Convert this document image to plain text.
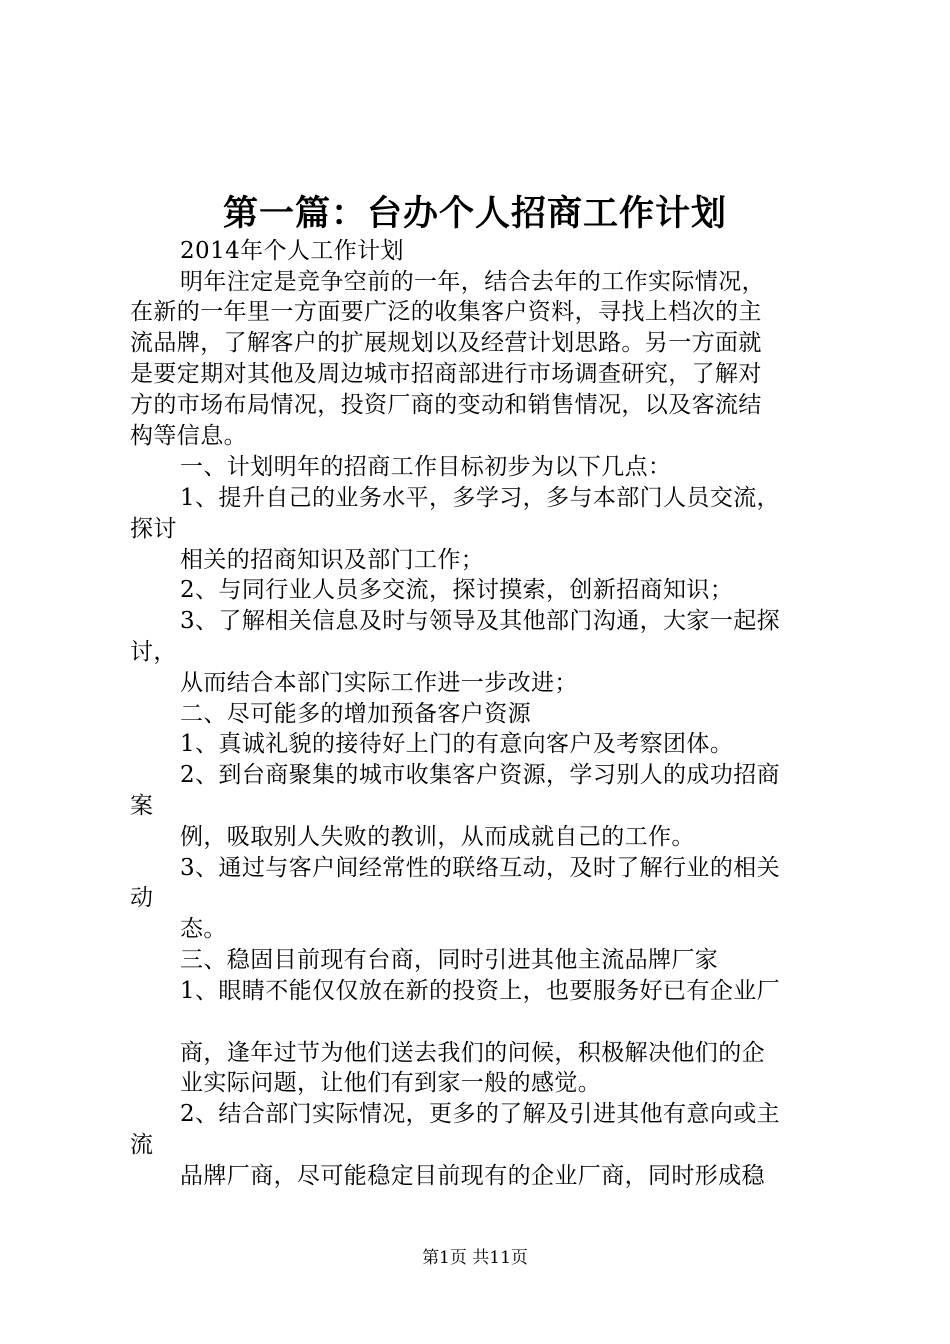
第一篇：台办个人招商工作计划
2014年个人工作计划
明年注定是竞争空前的一年，结合去年的工作实际情况，
在新的一年里一方面要广泛的收集客户资料，寻找上档次的主
流品牌，了解客户的扩展规划以及经营计划思路。另一方面就
是要定期对其他及周边城市招商部进行市场调查研究，了解对
方的市场布局情况，投资厂商的变动和销售情况，以及客流结
构等信息。
一、计划明年的招商工作目标初步为以下几点：
1、提升自己的业务水平，多学习，多与本部门人员交流，
探讨
相关的招商知识及部门工作；
2、与同行业人员多交流，探讨摸索，创新招商知识；
3、了解相关信息及时与领导及其他部门沟通，大家一起探
讨，
从而结合本部门实际工作进一步改进；
二、尽可能多的增加预备客户资源
1、真诚礼貌的接待好上门的有意向客户及考察团体。
2、到台商聚集的城市收集客户资源，学习别人的成功招商
案
例，吸取别人失败的教训，从而成就自己的工作。
3、通过与客户间经常性的联络互动，及时了解行业的相关
动
态。
三、稳固目前现有台商，同时引进其他主流品牌厂家
1、眼睛不能仅仅放在新的投资上，也要服务好已有企业厂
商，逢年过节为他们送去我们的问候，积极解决他们的企
业实际问题，让他们有到家一般的感觉。
2、结合部门实际情况，更多的了解及引进其他有意向或主
流
品牌厂商，尽可能稳定目前现有的企业厂商，同时形成稳
第1页 共11页
